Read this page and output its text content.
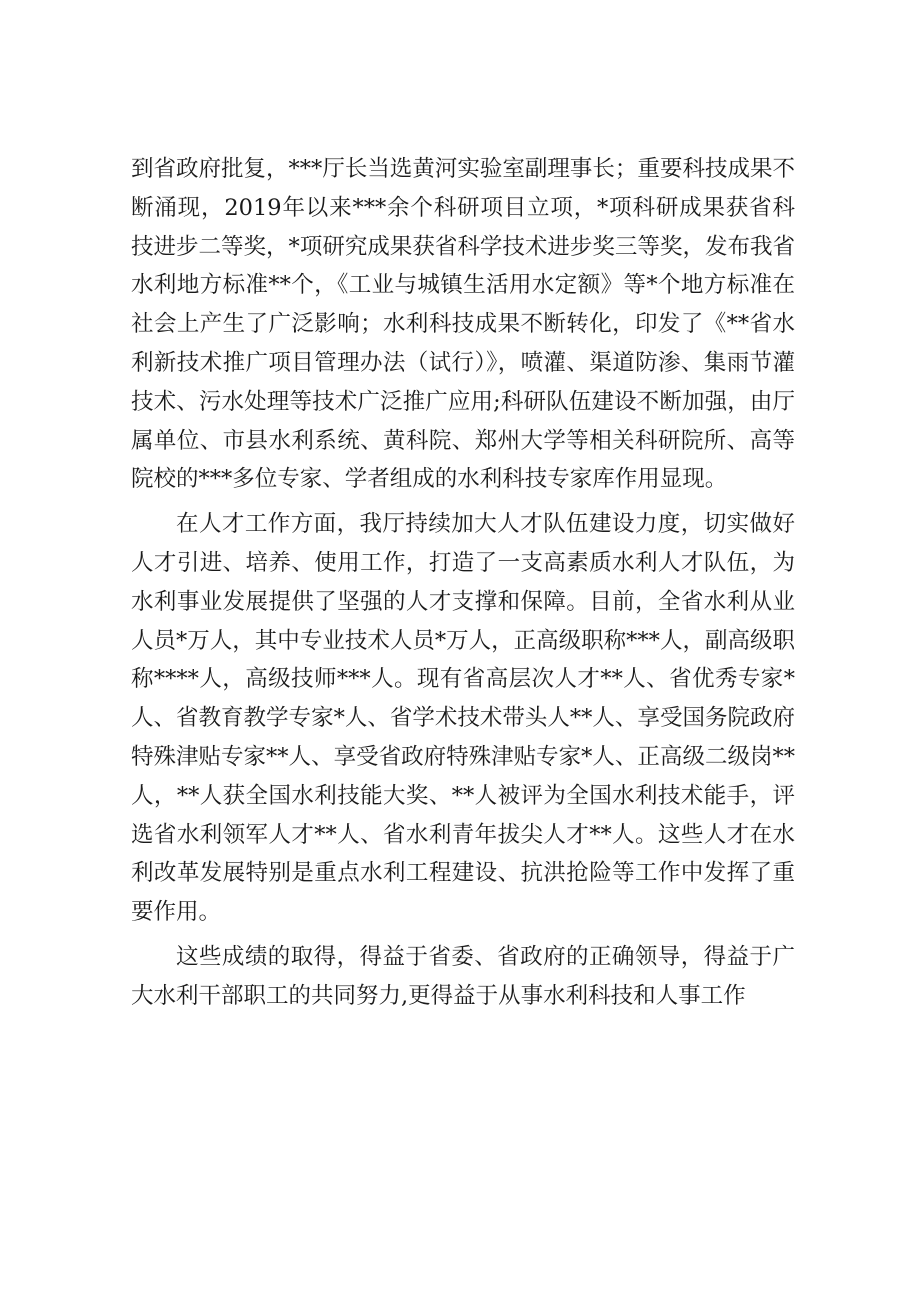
到省政府批复，***厅长当选黄河实验室副理事长；重要科技成果不断涌现，2019年以来***余个科研项目立项，*项科研成果获省科技进步二等奖，*项研究成果获省科学技术进步奖三等奖，发布我省水利地方标准**个，《工业与城镇生活用水定额》等*个地方标准在社会上产生了广泛影响；水利科技成果不断转化，印发了《**省水利新技术推广项目管理办法（试行）》，喷灌、渠道防渗、集雨节灌技术、污水处理等技术广泛推广应用;科研队伍建设不断加强，由厅属单位、市县水利系统、黄科院、郑州大学等相关科研院所、高等院校的***多位专家、学者组成的水利科技专家库作用显现。

在人才工作方面，我厅持续加大人才队伍建设力度，切实做好人才引进、培养、使用工作，打造了一支高素质水利人才队伍，为水利事业发展提供了坚强的人才支撑和保障。目前，全省水利从业人员*万人，其中专业技术人员*万人，正高级职称***人，副高级职称****人，高级技师***人。现有省高层次人才**人、省优秀专家*人、省教育教学专家*人、省学术技术带头人**人、享受国务院政府特殊津贴专家**人、享受省政府特殊津贴专家*人、正高级二级岗**人，**人获全国水利技能大奖、**人被评为全国水利技术能手，评选省水利领军人才**人、省水利青年拔尖人才**人。这些人才在水利改革发展特别是重点水利工程建设、抗洪抢险等工作中发挥了重要作用。

这些成绩的取得，得益于省委、省政府的正确领导，得益于广大水利干部职工的共同努力,更得益于从事水利科技和人事工作
